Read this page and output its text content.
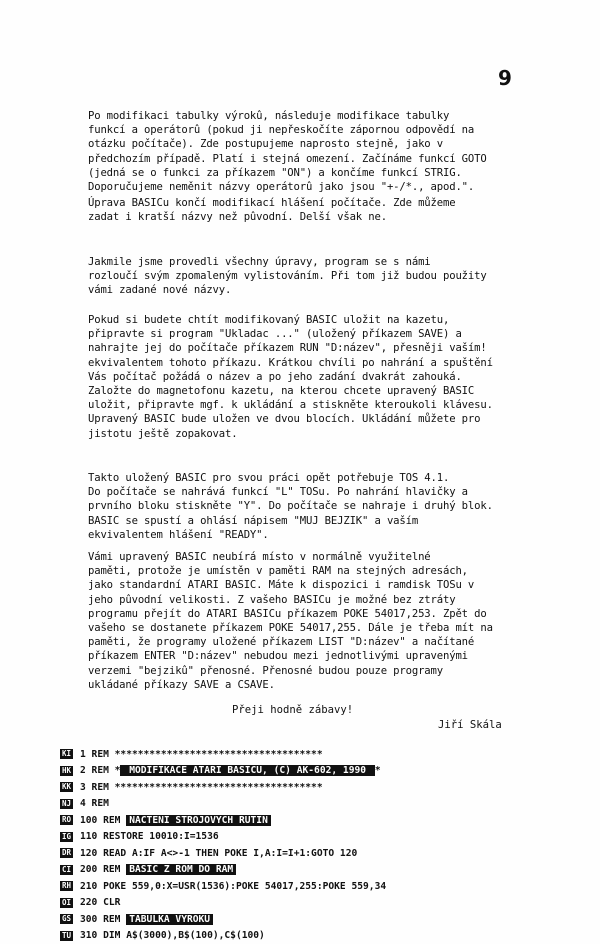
9
Po modifikaci tabulky výrokû, následuje modifikace tabulky
funkcí a operátorû (pokud ji nepřeskočíte zápornou odpovědí na
otázku počítače). Zde postupujeme naprosto stejně, jako v
předchozím případě. Platí i stejná omezení. Začínáme funkcí GOTO
(jedná se o funkci za příkazem "ON") a končíme funkcí STRIG.
Doporučujeme neměnit názvy operátorû jako jsou "+-/*., apod.".
Úprava BASICu končí modifikací hlášení počítače. Zde můžeme
zadat i kratší názvy než pûvodní. Delší však ne.
Jakmile jsme provedli všechny úpravy, program se s námi
rozloučí svým zpomaleným vylistováním. Při tom již budou použity
vámi zadané nové názvy.
Pokud si budete chtít modifikovaný BASIC uložit na kazetu,
připravte si program "Ukladac ..." (uložený příkazem SAVE) a
nahrajte jej do počítače příkazem RUN "D:název", přesněji vaším!
ekvivalentem tohoto příkazu. Krátkou chvíli po nahrání a spuštění
Vás počítač požádá o název a po jeho zadání dvakrát zahouká.
Založte do magnetofonu kazetu, na kterou chcete upravený BASIC
uložit, připravte mgf. k ukládání a stiskněte kteroukoli klávesu.
Upravený BASIC bude uložen ve dvou blocích. Ukládání můžete pro
jistotu ještě zopakovat.
Takto uložený BASIC pro svou práci opět potřebuje TOS 4.1.
Do počítače se nahrává funkcí "L" TOSu. Po nahrání hlavičky a
prvního bloku stiskněte "Y". Do počítače se nahraje i druhý blok.
BASIC se spustí a ohlásí nápisem "MUJ BEJZIK" a vaším
ekvivalentem hlášení "READY".
Vámi upravený BASIC neubírá místo v normálně využitelné
paměti, protože je umístěn v paměti RAM na stejných adresách,
jako standardní ATARI BASIC. Máte k dispozici i ramdisk TOSu v
jeho pûvodní velikosti. Z vašeho BASICu je možné bez ztráty
programu přejít do ATARI BASICu příkazem POKE 54017,253. Zpět do
vašeho se dostanete příkazem POKE 54017,255. Dále je třeba mít na
paměti, že programy uložené příkazem LIST "D:název" a načítané
příkazem ENTER "D:název" nebudou mezi jednotlivými upravenými
verzemi "bejzikû" přenosné. Přenosné budou pouze programy
ukládané příkazy SAVE a CSAVE.
Přeji hodně zábavy!
Jiří Skála
KI 1 REM ************************************
HK 2 REM * MODIFIKACE ATARI BASICU, (C) AK-602, 1990 *
KK 3 REM ************************************
NJ 4 REM
RO 100 REM NACTENI STROJOVYCH RUTIN
IG 110 RESTORE 10010:I=1536
DR 120 READ A:IF A<>-1 THEN POKE I,A:I=I+1:GOTO 120
CI 200 REM BASIC Z ROM DO RAM
RH 210 POKE 559,0:X=USR(1536):POKE 54017,255:POKE 559,34
OI 220 CLR
GS 300 REM TABULKA VYROKU
TU 310 DIM A$(3000),B$(100),C$(100)
